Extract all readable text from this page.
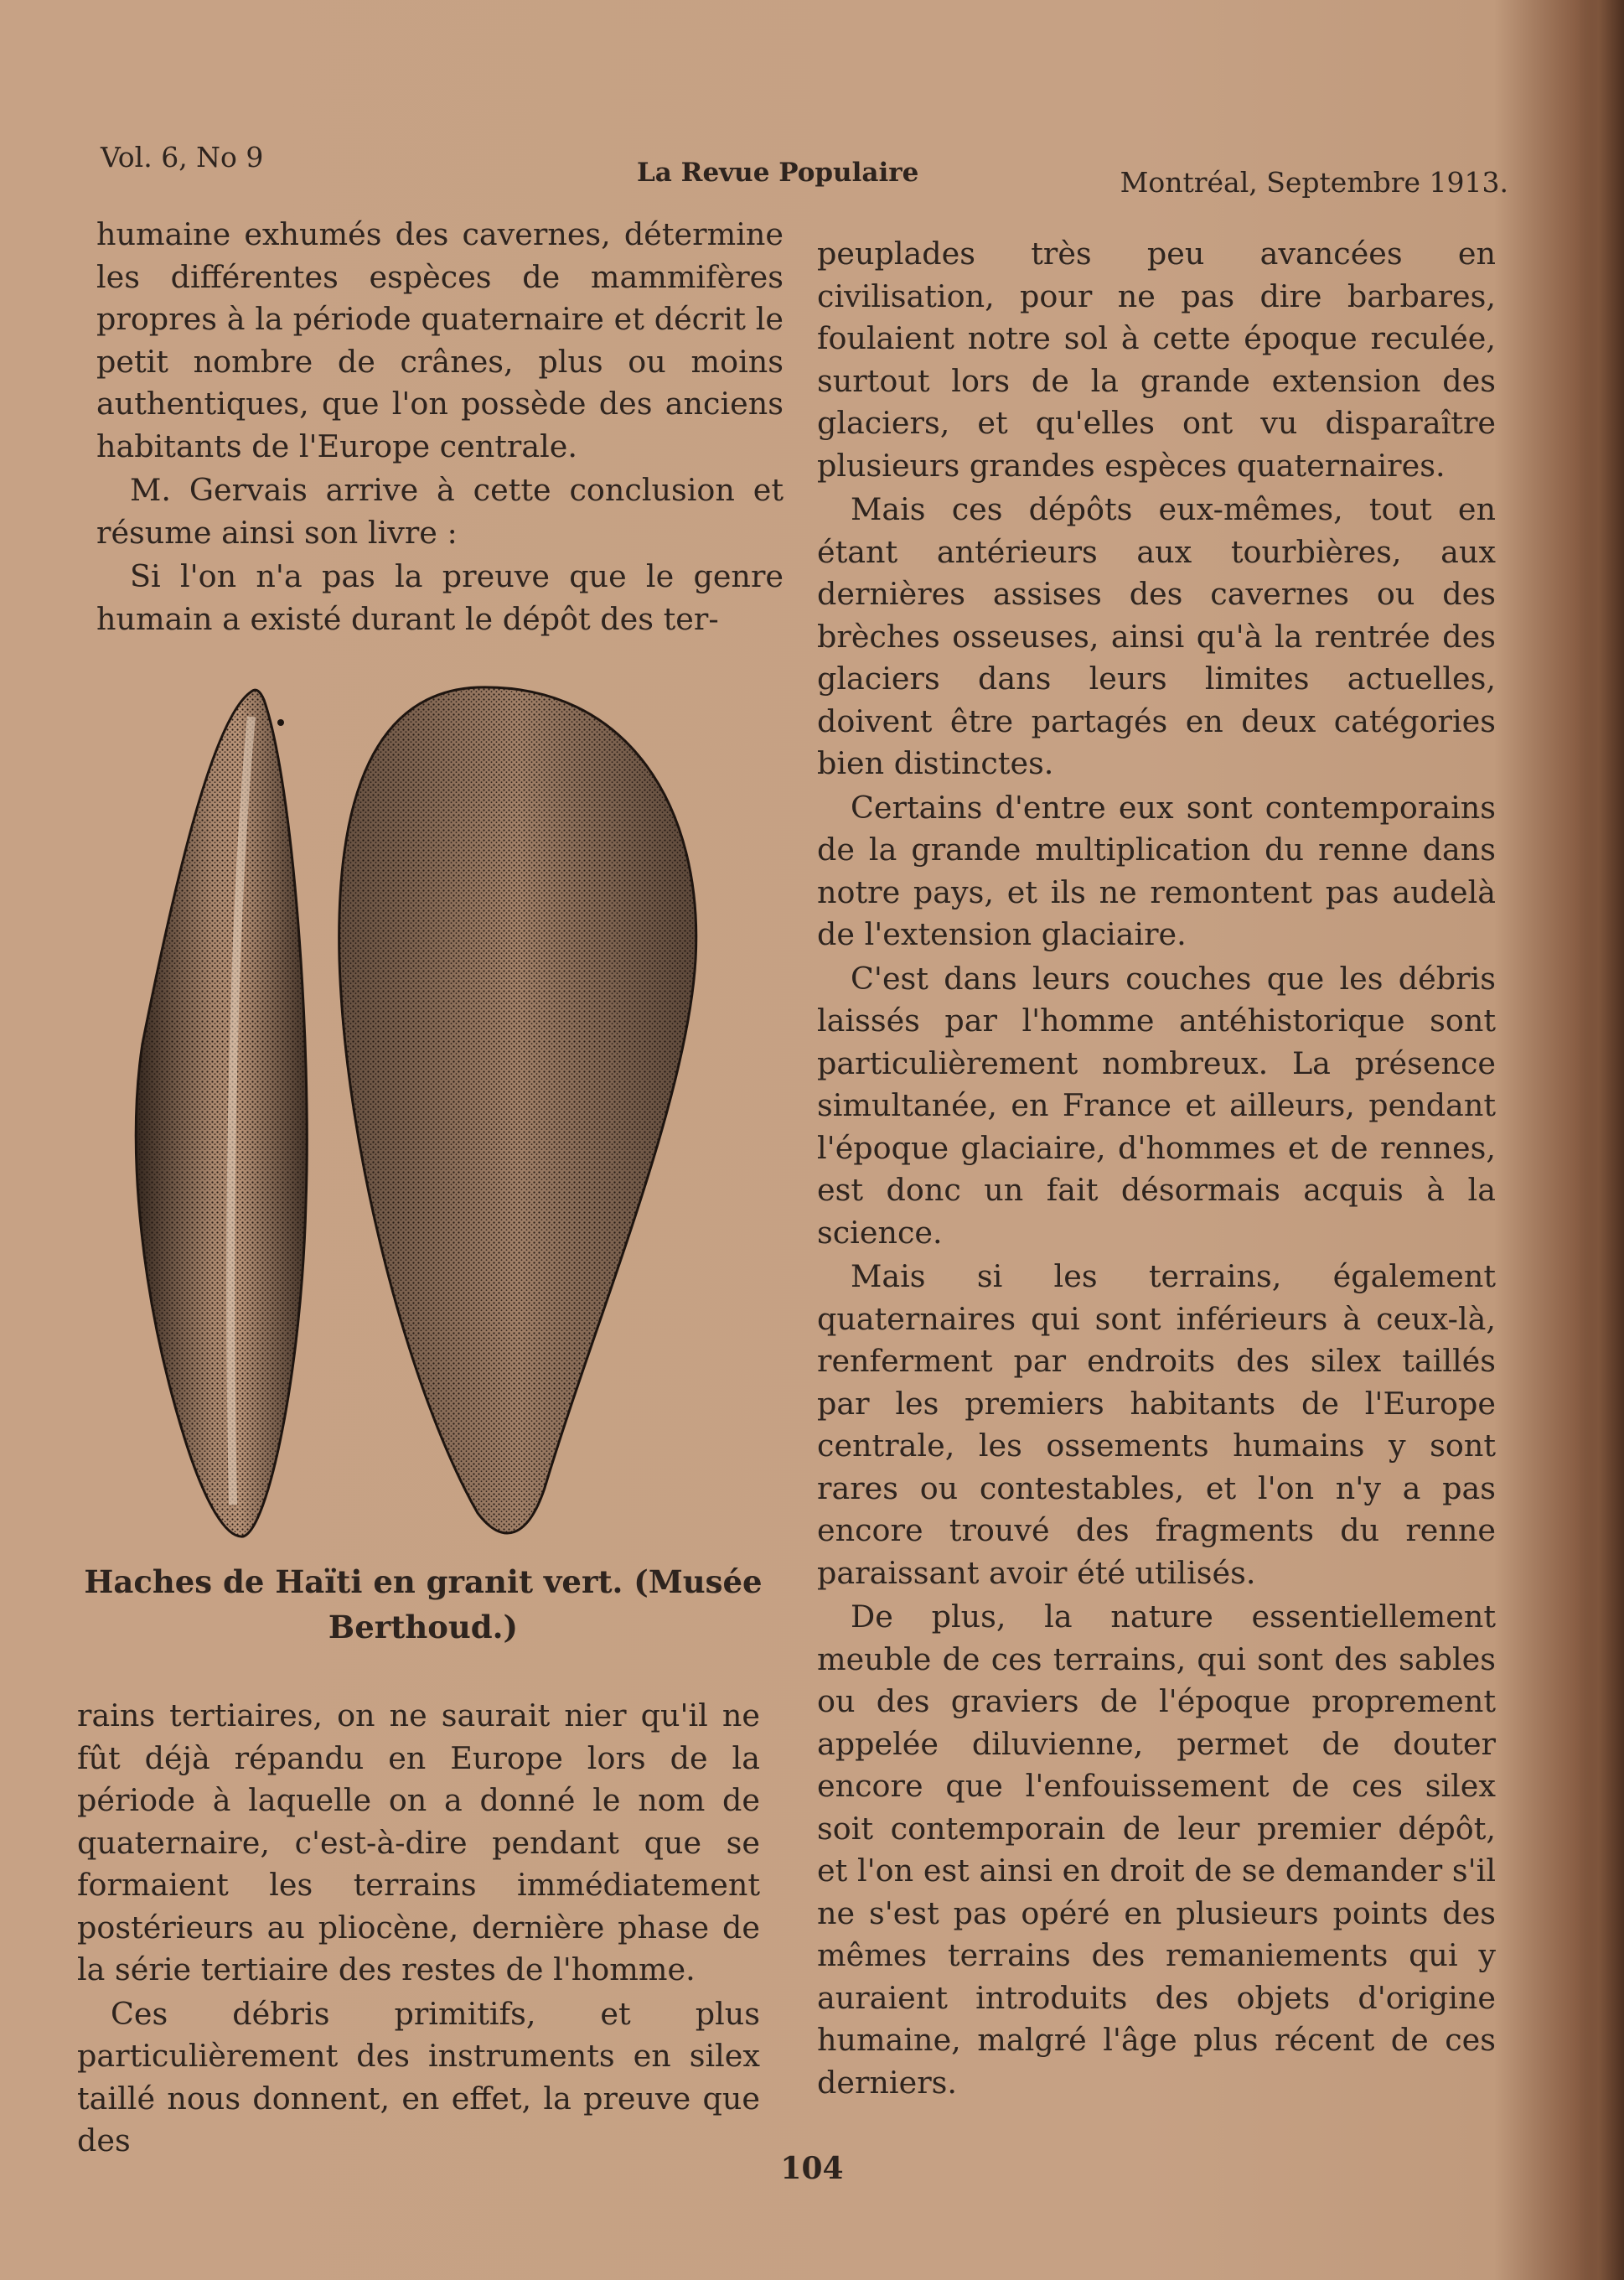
Vol. 6, No 9	La Revue Populaire	Montréal, Septembre 1913.

humaine exhumés des cavernes, détermine les différentes espèces de mammifères propres à la période quaternaire et décrit le petit nombre de crânes, plus ou moins authentiques, que l'on possède des anciens habitants de l'Europe centrale.

M. Gervais arrive à cette conclusion et résume ainsi son livre :

Si l'on n'a pas la preuve que le genre humain a existé durant le dépôt des ter-

Haches de Haïti en granit vert. (Musée Berthoud.)

rains tertiaires, on ne saurait nier qu'il ne fût déjà répandu en Europe lors de la période à laquelle on a donné le nom de quaternaire, c'est-à-dire pendant que se formaient les terrains immédiatement postérieurs au pliocène, dernière phase de la série tertiaire des restes de l'homme.

Ces débris primitifs, et plus particulièrement des instruments en silex taillé nous donnent, en effet, la preuve que des

peuplades très peu avancées en civilisation, pour ne pas dire barbares, foulaient notre sol à cette époque reculée, surtout lors de la grande extension des glaciers, et qu'elles ont vu disparaître plusieurs grandes espèces quaternaires.

Mais ces dépôts eux-mêmes, tout en étant antérieurs aux tourbières, aux dernières assises des cavernes ou des brèches osseuses, ainsi qu'à la rentrée des glaciers dans leurs limites actuelles, doivent être partagés en deux catégories bien distinctes.

Certains d'entre eux sont contemporains de la grande multiplication du renne dans notre pays, et ils ne remontent pas audelà de l'extension glaciaire.

C'est dans leurs couches que les débris laissés par l'homme antéhistorique sont particulièrement nombreux. La présence simultanée, en France et ailleurs, pendant l'époque glaciaire, d'hommes et de rennes, est donc un fait désormais acquis à la science.

Mais si les terrains, également quaternaires qui sont inférieurs à ceux-là, renferment par endroits des silex taillés par les premiers habitants de l'Europe centrale, les ossements humains y sont rares ou contestables, et l'on n'y a pas encore trouvé des fragments du renne paraissant avoir été utilisés.

De plus, la nature essentiellement meuble de ces terrains, qui sont des sables ou des graviers de l'époque proprement appelée diluvienne, permet de douter encore que l'enfouissement de ces silex soit contemporain de leur premier dépôt, et l'on est ainsi en droit de se demander s'il ne s'est pas opéré en plusieurs points des mêmes terrains des remaniements qui y auraient introduits des objets d'origine humaine, malgré l'âge plus récent de ces derniers.

104
